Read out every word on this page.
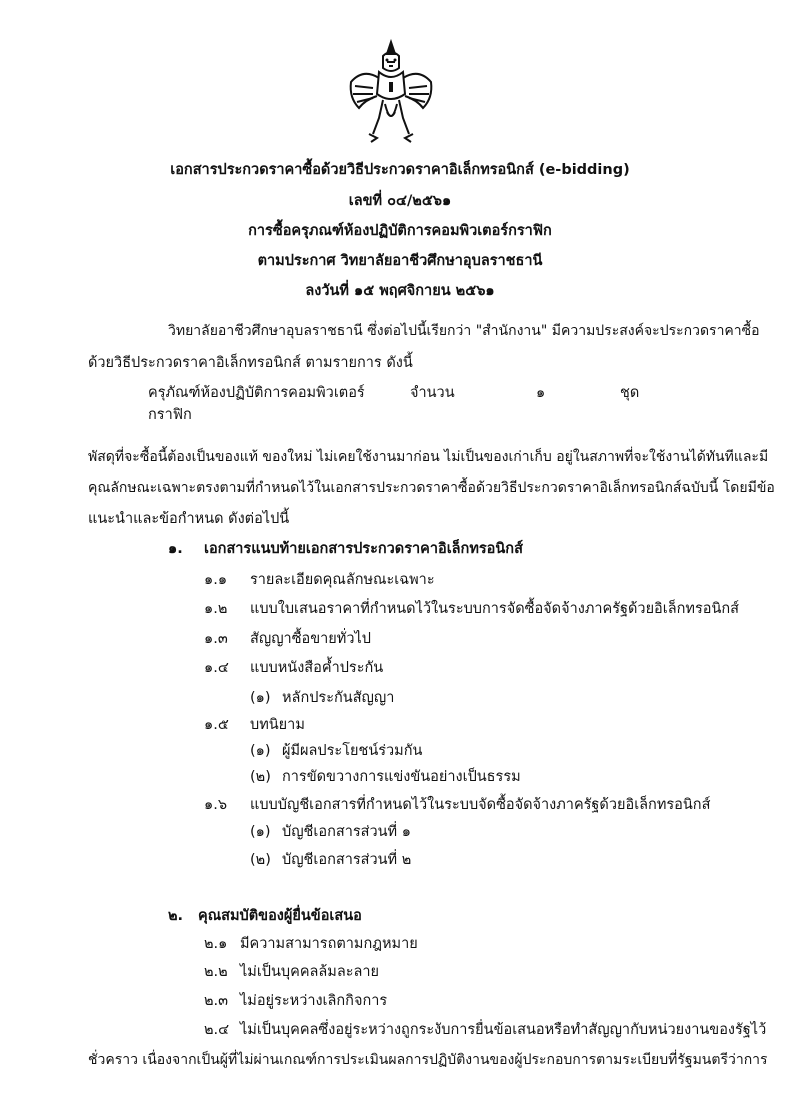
เอกสารประกวดราคาซื้อด้วยวิธีประกวดราคาอิเล็กทรอนิกส์ (e-bidding)
เลขที่ ๐๔/๒๕๖๑
การซื้อครุภณฑ์ห้องปฏิบัติการคอมพิวเตอร์กราฟิก
ตามประกาศ วิทยาลัยอาชีวศึกษาอุบลราชธานี
ลงวันที่ ๑๕ พฤศจิกายน ๒๕๖๑
วิทยาลัยอาชีวศึกษาอุบลราชธานี ซึ่งต่อไปนี้เรียกว่า "สำนักงาน" มีความประสงค์จะประกวดราคาซื้อ
ด้วยวิธีประกวดราคาอิเล็กทรอนิกส์ ตามรายการ ดังนี้
ครุภัณฑ์ห้องปฏิบัติการคอมพิวเตอร์	จำนวน	๑	ชุด
กราฟิก
พัสดุที่จะซื้อนี้ต้องเป็นของแท้ ของใหม่ ไม่เคยใช้งานมาก่อน ไม่เป็นของเก่าเก็บ อยู่ในสภาพที่จะใช้งานได้ทันทีและมี
คุณลักษณะเฉพาะตรงตามที่กำหนดไว้ในเอกสารประกวดราคาซื้อด้วยวิธีประกวดราคาอิเล็กทรอนิกส์ฉบับนี้ โดยมีข้อ
แนะนำและข้อกำหนด ดังต่อไปนี้
๑. เอกสารแนบท้ายเอกสารประกวดราคาอิเล็กทรอนิกส์
๑.๑ รายละเอียดคุณลักษณะเฉพาะ
๑.๒ แบบใบเสนอราคาที่กำหนดไว้ในระบบการจัดซื้อจัดจ้างภาครัฐด้วยอิเล็กทรอนิกส์
๑.๓ สัญญาซื้อขายทั่วไป
๑.๔ แบบหนังสือค้ำประกัน
(๑) หลักประกันสัญญา
๑.๕ บทนิยาม
(๑) ผู้มีผลประโยชน์ร่วมกัน
(๒) การขัดขวางการแข่งขันอย่างเป็นธรรม
๑.๖ แบบบัญชีเอกสารที่กำหนดไว้ในระบบจัดซื้อจัดจ้างภาครัฐด้วยอิเล็กทรอนิกส์
(๑) บัญชีเอกสารส่วนที่ ๑
(๒) บัญชีเอกสารส่วนที่ ๒
๒. คุณสมบัติของผู้ยื่นข้อเสนอ
๒.๑ มีความสามารถตามกฎหมาย
๒.๒ ไม่เป็นบุคคลล้มละลาย
๒.๓ ไม่อยู่ระหว่างเลิกกิจการ
๒.๔ ไม่เป็นบุคคลซึ่งอยู่ระหว่างถูกระงับการยื่นข้อเสนอหรือทำสัญญากับหน่วยงานของรัฐไว้
ชั่วคราว เนื่องจากเป็นผู้ที่ไม่ผ่านเกณฑ์การประเมินผลการปฏิบัติงานของผู้ประกอบการตามระเบียบที่รัฐมนตรีว่าการ
